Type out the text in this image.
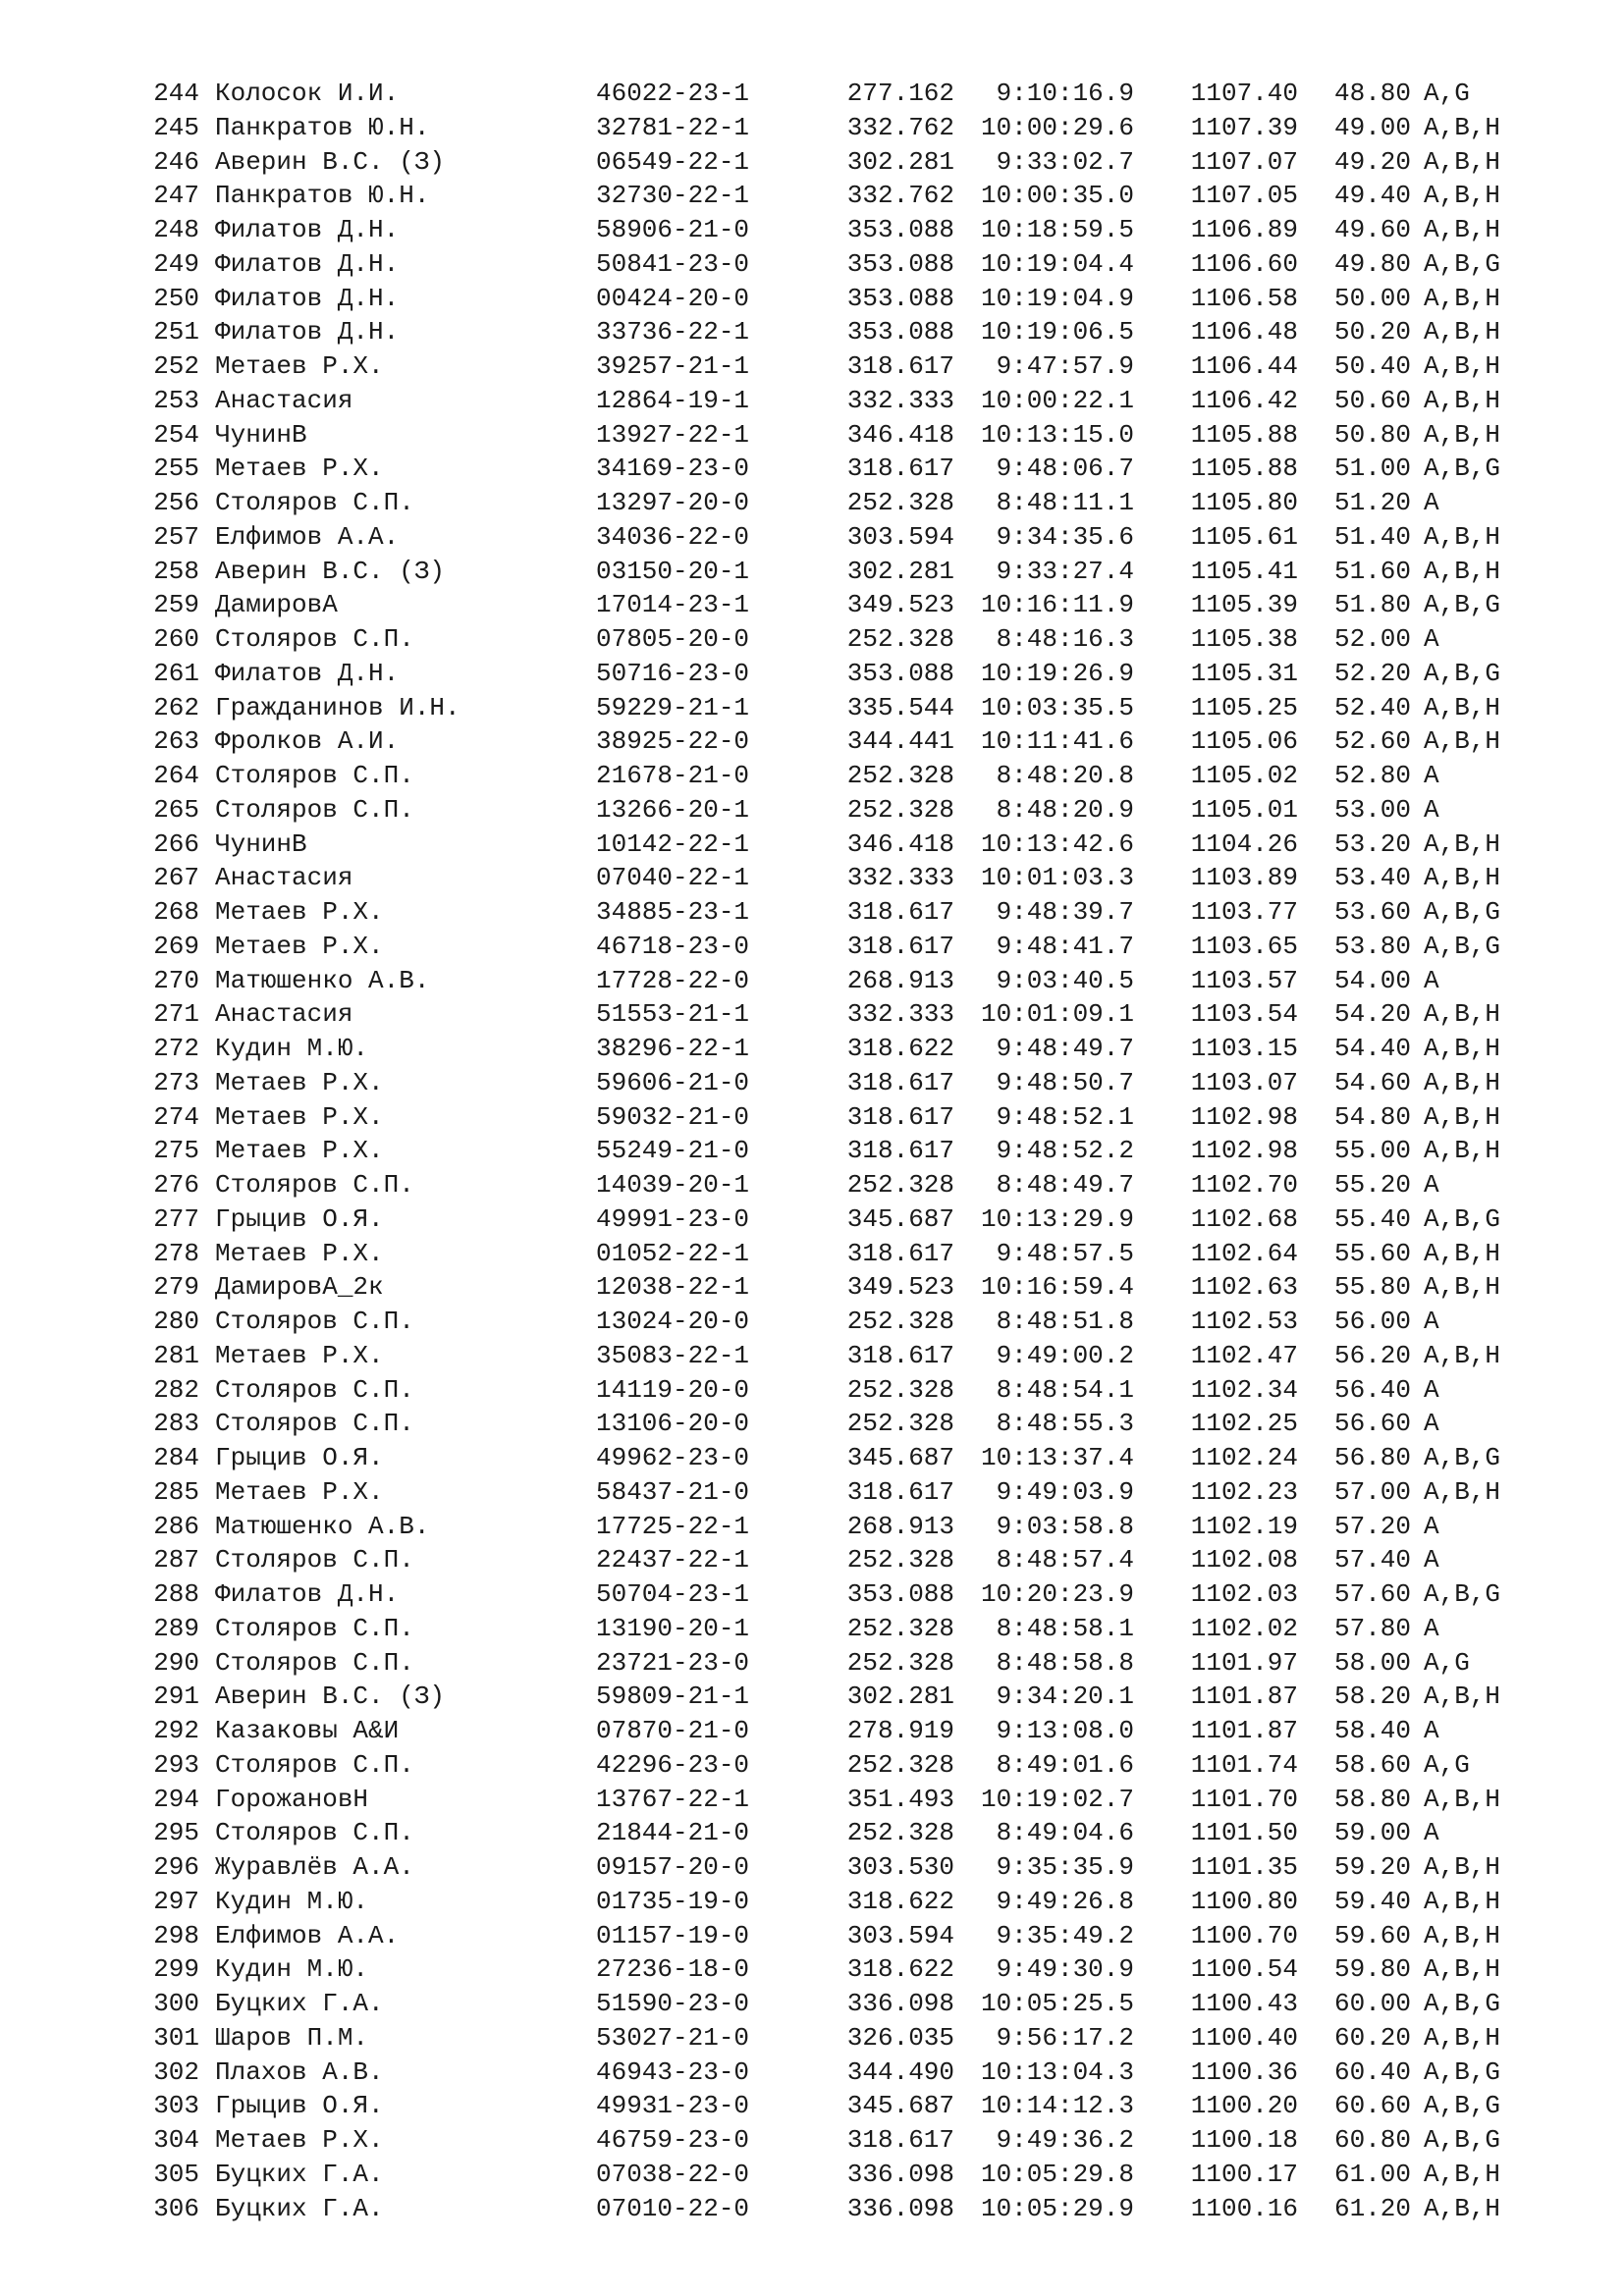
244 Колосок И.И.	46022-23-1	277.162	9:10:16.9	1107.40 48.80 A,G
245 Панкратов Ю.Н.	32781-22-1	332.762	10:00:29.6	1107.39 49.00 A,B,H
246 Аверин В.С. (З)	06549-22-1	302.281	9:33:02.7	1107.07 49.20 A,B,H
247 Панкратов Ю.Н.	32730-22-1	332.762	10:00:35.0	1107.05 49.40 A,B,H
248 Филатов Д.Н.	58906-21-0	353.088	10:18:59.5	1106.89 49.60 A,B,H
249 Филатов Д.Н.	50841-23-0	353.088	10:19:04.4	1106.60 49.80 A,B,G
250 Филатов Д.Н.	00424-20-0	353.088	10:19:04.9	1106.58 50.00 A,B,H
251 Филатов Д.Н.	33736-22-1	353.088	10:19:06.5	1106.48 50.20 A,B,H
252 Метаев Р.Х.	39257-21-1	318.617	9:47:57.9	1106.44 50.40 A,B,H
253 Анастасия	12864-19-1	332.333	10:00:22.1	1106.42 50.60 A,B,H
254 ЧунинВ	13927-22-1	346.418	10:13:15.0	1105.88 50.80 A,B,H
255 Метаев Р.Х.	34169-23-0	318.617	9:48:06.7	1105.88 51.00 A,B,G
256 Столяров С.П.	13297-20-0	252.328	8:48:11.1	1105.80 51.20 A
257 Елфимов А.А.	34036-22-0	303.594	9:34:35.6	1105.61 51.40 A,B,H
258 Аверин В.С. (З)	03150-20-1	302.281	9:33:27.4	1105.41 51.60 A,B,H
259 ДамировА	17014-23-1	349.523	10:16:11.9	1105.39 51.80 A,B,G
260 Столяров С.П.	07805-20-0	252.328	8:48:16.3	1105.38 52.00 A
261 Филатов Д.Н.	50716-23-0	353.088	10:19:26.9	1105.31 52.20 A,B,G
262 Гражданинов И.Н.	59229-21-1	335.544	10:03:35.5	1105.25 52.40 A,B,H
263 Фролков А.И.	38925-22-0	344.441	10:11:41.6	1105.06 52.60 A,B,H
264 Столяров С.П.	21678-21-0	252.328	8:48:20.8	1105.02 52.80 A
265 Столяров С.П.	13266-20-1	252.328	8:48:20.9	1105.01 53.00 A
266 ЧунинВ	10142-22-1	346.418	10:13:42.6	1104.26 53.20 A,B,H
267 Анастасия	07040-22-1	332.333	10:01:03.3	1103.89 53.40 A,B,H
268 Метаев Р.Х.	34885-23-1	318.617	9:48:39.7	1103.77 53.60 A,B,G
269 Метаев Р.Х.	46718-23-0	318.617	9:48:41.7	1103.65 53.80 A,B,G
270 Матюшенко А.В.	17728-22-0	268.913	9:03:40.5	1103.57 54.00 A
271 Анастасия	51553-21-1	332.333	10:01:09.1	1103.54 54.20 A,B,H
272 Кудин М.Ю.	38296-22-1	318.622	9:48:49.7	1103.15 54.40 A,B,H
273 Метаев Р.Х.	59606-21-0	318.617	9:48:50.7	1103.07 54.60 A,B,H
274 Метаев Р.Х.	59032-21-0	318.617	9:48:52.1	1102.98 54.80 A,B,H
275 Метаев Р.Х.	55249-21-0	318.617	9:48:52.2	1102.98 55.00 A,B,H
276 Столяров С.П.	14039-20-1	252.328	8:48:49.7	1102.70 55.20 A
277 Грыцив О.Я.	49991-23-0	345.687	10:13:29.9	1102.68 55.40 A,B,G
278 Метаев Р.Х.	01052-22-1	318.617	9:48:57.5	1102.64 55.60 A,B,H
279 ДамировА_2к	12038-22-1	349.523	10:16:59.4	1102.63 55.80 A,B,H
280 Столяров С.П.	13024-20-0	252.328	8:48:51.8	1102.53 56.00 A
281 Метаев Р.Х.	35083-22-1	318.617	9:49:00.2	1102.47 56.20 A,B,H
282 Столяров С.П.	14119-20-0	252.328	8:48:54.1	1102.34 56.40 A
283 Столяров С.П.	13106-20-0	252.328	8:48:55.3	1102.25 56.60 A
284 Грыцив О.Я.	49962-23-0	345.687	10:13:37.4	1102.24 56.80 A,B,G
285 Метаев Р.Х.	58437-21-0	318.617	9:49:03.9	1102.23 57.00 A,B,H
286 Матюшенко А.В.	17725-22-1	268.913	9:03:58.8	1102.19 57.20 A
287 Столяров С.П.	22437-22-1	252.328	8:48:57.4	1102.08 57.40 A
288 Филатов Д.Н.	50704-23-1	353.088	10:20:23.9	1102.03 57.60 A,B,G
289 Столяров С.П.	13190-20-1	252.328	8:48:58.1	1102.02 57.80 A
290 Столяров С.П.	23721-23-0	252.328	8:48:58.8	1101.97 58.00 A,G
291 Аверин В.С. (З)	59809-21-1	302.281	9:34:20.1	1101.87 58.20 A,B,H
292 Казаковы А&И	07870-21-0	278.919	9:13:08.0	1101.87 58.40 A
293 Столяров С.П.	42296-23-0	252.328	8:49:01.6	1101.74 58.60 A,G
294 ГорожановН	13767-22-1	351.493	10:19:02.7	1101.70 58.80 A,B,H
295 Столяров С.П.	21844-21-0	252.328	8:49:04.6	1101.50 59.00 A
296 Журавлёв А.А.	09157-20-0	303.530	9:35:35.9	1101.35 59.20 A,B,H
297 Кудин М.Ю.	01735-19-0	318.622	9:49:26.8	1100.80 59.40 A,B,H
298 Елфимов А.А.	01157-19-0	303.594	9:35:49.2	1100.70 59.60 A,B,H
299 Кудин М.Ю.	27236-18-0	318.622	9:49:30.9	1100.54 59.80 A,B,H
300 Буцких Г.А.	51590-23-0	336.098	10:05:25.5	1100.43 60.00 A,B,G
301 Шаров П.М.	53027-21-0	326.035	9:56:17.2	1100.40 60.20 A,B,H
302 Плахов А.В.	46943-23-0	344.490	10:13:04.3	1100.36 60.40 A,B,G
303 Грыцив О.Я.	49931-23-0	345.687	10:14:12.3	1100.20 60.60 A,B,G
304 Метаев Р.Х.	46759-23-0	318.617	9:49:36.2	1100.18 60.80 A,B,G
305 Буцких Г.А.	07038-22-0	336.098	10:05:29.8	1100.17 61.00 A,B,H
306 Буцких Г.А.	07010-22-0	336.098	10:05:29.9	1100.16 61.20 A,B,H
